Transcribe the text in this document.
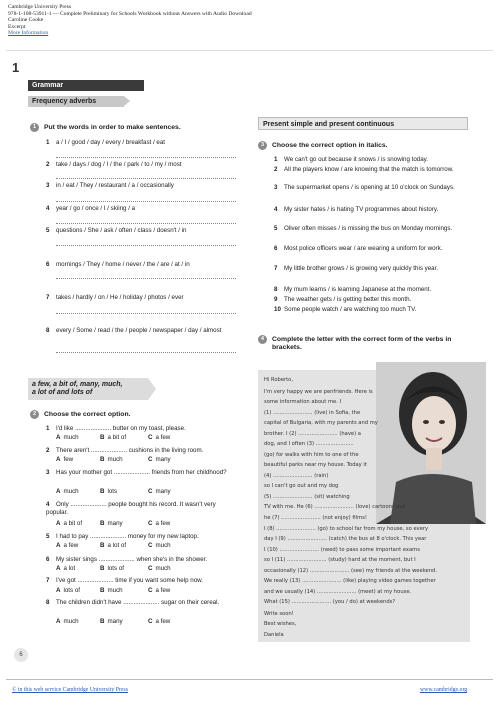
Cambridge University Press
978-1-108-53911-1 — Complete Preliminary for Schools Workbook without Answers with Audio Download
Caroline Cooke
Excerpt
More Information
1
Grammar
Frequency adverbs
1	Put the words in order to make sentences.
1 a / I / good / day / every / breakfast / eat
2 take / days / dog / I / the / park / to / my / most
3 in / eat / They / restaurant / a / occasionally
4 year / go / once / I / skiing / a
5 questions / She / ask / often / class / doesn't / in
6 mornings / They / home / never / the / are / at / in
7 takes / hardly / on / He / holiday / photos / ever
8 every / Some / read / the / people / newspaper / day / almost
a few, a bit of, many, much,
a lot of and lots of
2	Choose the correct option.
1 I'd like ..................... butter on my toast, please.
A much	B a bit of	C a few
2 There aren't ..................... cushions in the living room.
A few	B much	C many
3 Has your mother got ..................... friends from her childhood?
A much	B lots	C many
4 Only ..................... people bought his record. It wasn't very popular.
A a bit of	B many	C a few
5 I had to pay ..................... money for my new laptop.
A a few	B a lot of	C much
6 My sister sings ..................... when she's in the shower.
A a lot	B lots of	C much
7 I've got ..................... time if you want some help now.
A lots of	B much	C a few
8 The children didn't have ..................... sugar on their cereal.
A much	B many	C a few
Present simple and present continuous
3	Choose the correct option in italics.
1 We can't go out because it snows / is snowing today.
2 All the players know / are knowing that the match is tomorrow.
3 The supermarket opens / is opening at 10 o'clock on Sundays.
4 My sister hates / is hating TV programmes about history.
5 Oliver often misses / is missing the bus on Monday mornings.
6 Most police officers wear / are wearing a uniform for work.
7 My little brother grows / is growing very quickly this year.
8 My mum learns / is learning Japanese at the moment.
9 The weather gets / is getting better this month.
10 Some people watch / are watching too much TV.
4	Complete the letter with the correct form of the verbs in brackets.
Hi Roberto,
I'm very happy we are penfriends. Here is
some information about me. I
(1) ........................ (live) in Sofia, the
capital of Bulgaria, with my parents and my
brother. I (2) ........................ (have) a
dog, and I often (3) .......................
(go) for walks with him to one of the
beautiful parks near my house. Today it
(4) ........................ (rain)
so I can't go out and my dog
(5) ........................ (sit) watching
TV with me. He (6) ........................ (love) cartoons but
he (7) ........................ (not enjoy) films!
I (8) ........................ (go) to school far from my house, so every
day I (9) ........................ (catch) the bus at 8 o'clock. This year
I (10) ........................ (need) to pass some important exams
so I (11) ........................ (study) hard at the moment, but I
occasionally (12) ........................ (see) my friends at the weekend.
We really (13) ........................ (like) playing video games together
and we usually (14) ........................ (meet) at my house.
What (15) ........................ (you / do) at weekends?
Write soon!
Best wishes,
Daniela
6
© in this web service Cambridge University Press	www.cambridge.org
